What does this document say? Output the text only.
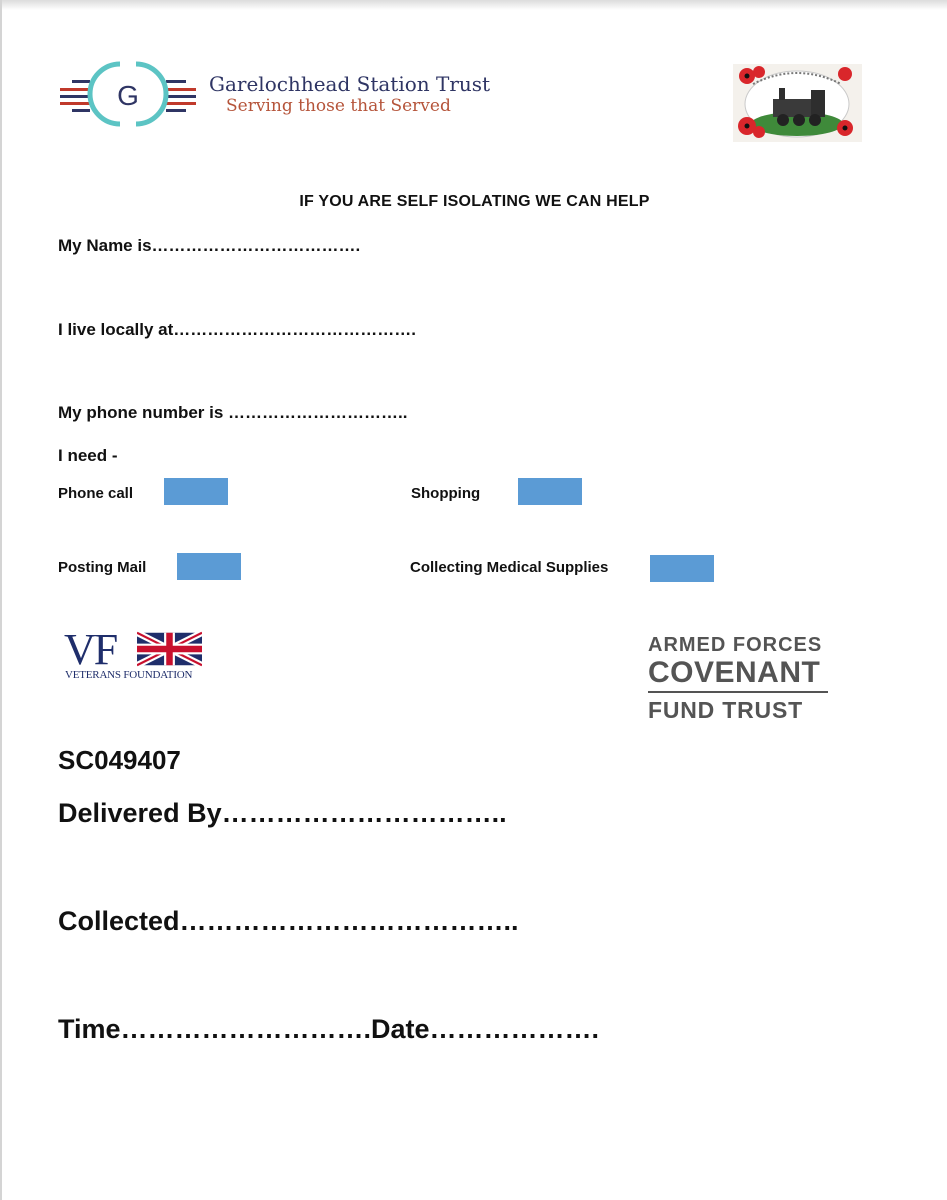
G	Garelochhead Station Trust
Serving those that Served
IF YOU ARE SELF ISOLATING WE CAN HELP
My Name is……………………………….
I live locally at…………………………………….
My phone number is …………………………..
I need -
Phone call	Shopping
Posting Mail	Collecting Medical Supplies
VF
VETERANS FOUNDATION
ARMED FORCES
COVENANT
FUND TRUST
SC049407
Delivered By…………………………..
Collected………………………………..
Time……………………….Date……………….
